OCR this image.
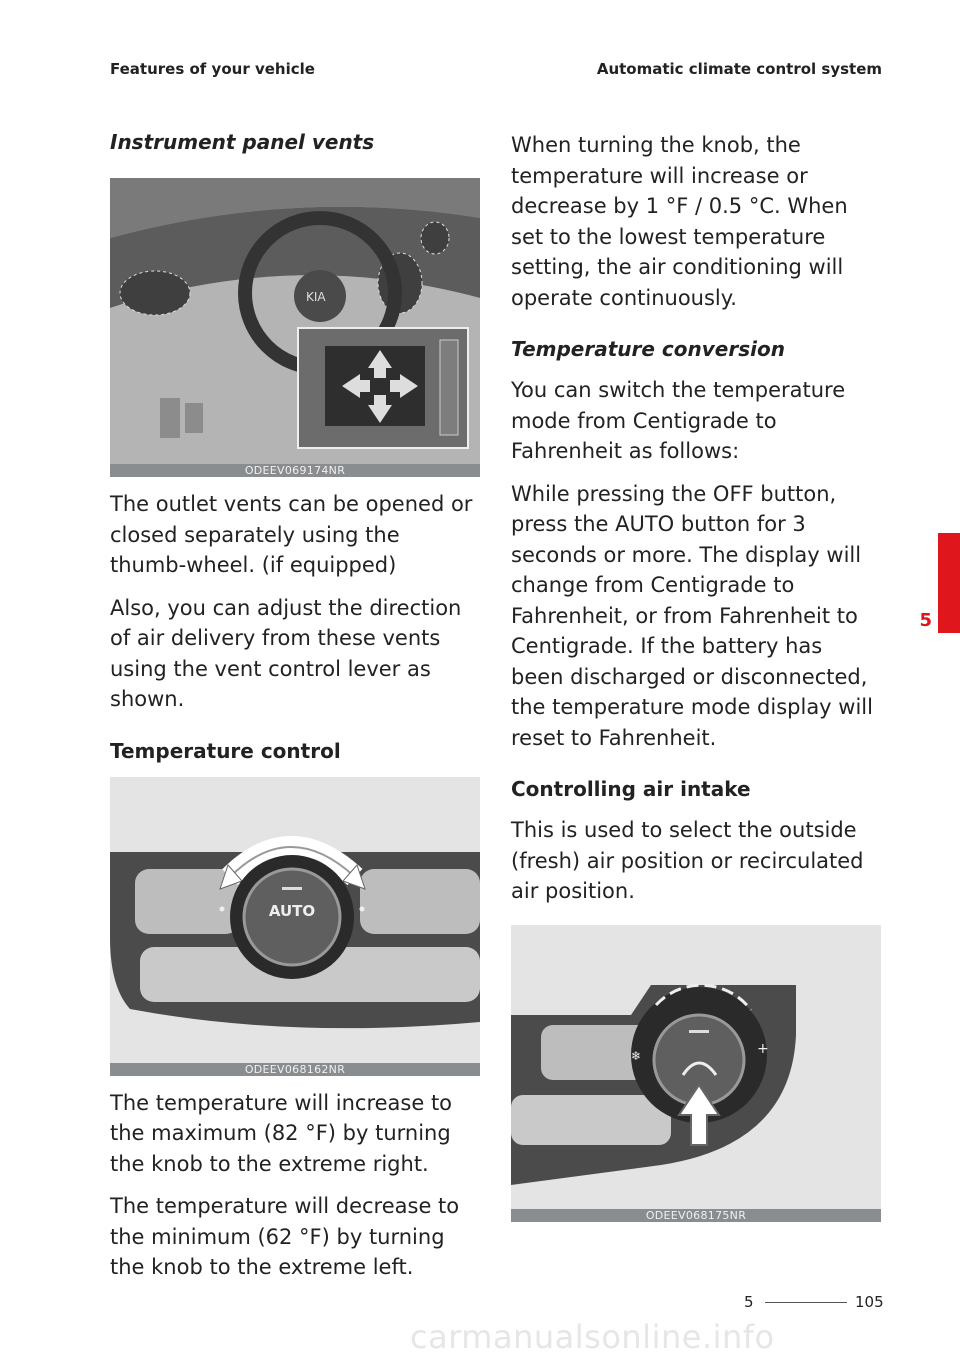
Features of your vehicle	Automatic climate control system
Instrument panel vents
KIA
ODEEV069174NR

The outlet vents can be opened or closed separately using the thumb-wheel. (if equipped)

Also, you can adjust the direction of air delivery from these vents using the vent control lever as shown.

Temperature control
AUTO
ODEEV068162NR

The temperature will increase to the maximum (82 °F) by turning the knob to the extreme right.

The temperature will decrease to the minimum (62 °F) by turning the knob to the extreme left.

When turning the knob, the temperature will increase or decrease by 1 °F / 0.5 °C. When set to the lowest temperature setting, the air conditioning will operate continuously.

Temperature conversion

You can switch the temperature mode from Centigrade to Fahrenheit as follows:

While pressing the OFF button, press the AUTO button for 3 seconds or more. The display will change from Centigrade to Fahrenheit, or from Fahrenheit to Centigrade. If the battery has been discharged or disconnected, the temperature mode display will reset to Fahrenheit.

Controlling air intake

This is used to select the outside (fresh) air position or recirculated air position.

❄	+
ODEEV068175NR
5
5	105
carmanualsonline.info
